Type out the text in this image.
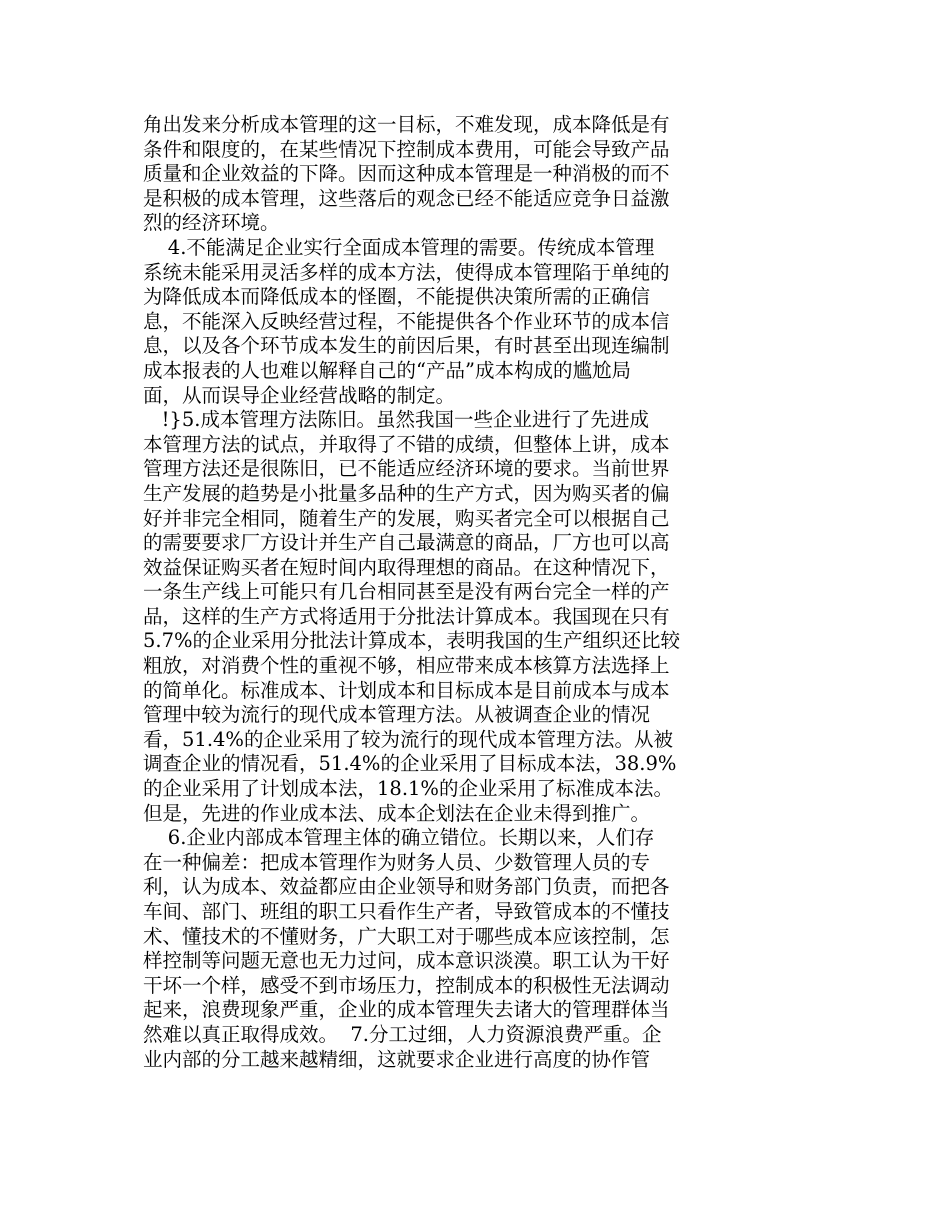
角出发来分析成本管理的这一目标，不难发现，成本降低是有
条件和限度的，在某些情况下控制成本费用，可能会导致产品
质量和企业效益的下降。因而这种成本管理是一种消极的而不
是积极的成本管理，这些落后的观念已经不能适应竞争日益激
烈的经济环境。
4.不能满足企业实行全面成本管理的需要。传统成本管理
系统未能采用灵活多样的成本方法，使得成本管理陷于单纯的
为降低成本而降低成本的怪圈，不能提供决策所需的正确信
息，不能深入反映经营过程，不能提供各个作业环节的成本信
息，以及各个环节成本发生的前因后果，有时甚至出现连编制
成本报表的人也难以解释自己的“产品”成本构成的尴尬局
面，从而误导企业经营战略的制定。
!}5.成本管理方法陈旧。虽然我国一些企业进行了先进成
本管理方法的试点，并取得了不错的成绩，但整体上讲，成本
管理方法还是很陈旧，已不能适应经济环境的要求。当前世界
生产发展的趋势是小批量多品种的生产方式，因为购买者的偏
好并非完全相同，随着生产的发展，购买者完全可以根据自己
的需要要求厂方设计并生产自己最满意的商品，厂方也可以高
效益保证购买者在短时间内取得理想的商品。在这种情况下，
一条生产线上可能只有几台相同甚至是没有两台完全一样的产
品，这样的生产方式将适用于分批法计算成本。我国现在只有
5.7%的企业采用分批法计算成本，表明我国的生产组织还比较
粗放，对消费个性的重视不够，相应带来成本核算方法选择上
的简单化。标准成本、计划成本和目标成本是目前成本与成本
管理中较为流行的现代成本管理方法。从被调查企业的情况
看，51.4%的企业采用了较为流行的现代成本管理方法。从被
调查企业的情况看，51.4%的企业采用了目标成本法，38.9%
的企业采用了计划成本法，18.1%的企业采用了标准成本法。
但是，先进的作业成本法、成本企划法在企业未得到推广。
6.企业内部成本管理主体的确立错位。长期以来，人们存
在一种偏差：把成本管理作为财务人员、少数管理人员的专
利，认为成本、效益都应由企业领导和财务部门负责，而把各
车间、部门、班组的职工只看作生产者，导致管成本的不懂技
术、懂技术的不懂财务，广大职工对于哪些成本应该控制，怎
样控制等问题无意也无力过问，成本意识淡漠。职工认为干好
干坏一个样，感受不到市场压力，控制成本的积极性无法调动
起来，浪费现象严重，企业的成本管理失去诸大的管理群体当
然难以真正取得成效。  7.分工过细，人力资源浪费严重。企
业内部的分工越来越精细，这就要求企业进行高度的协作管
